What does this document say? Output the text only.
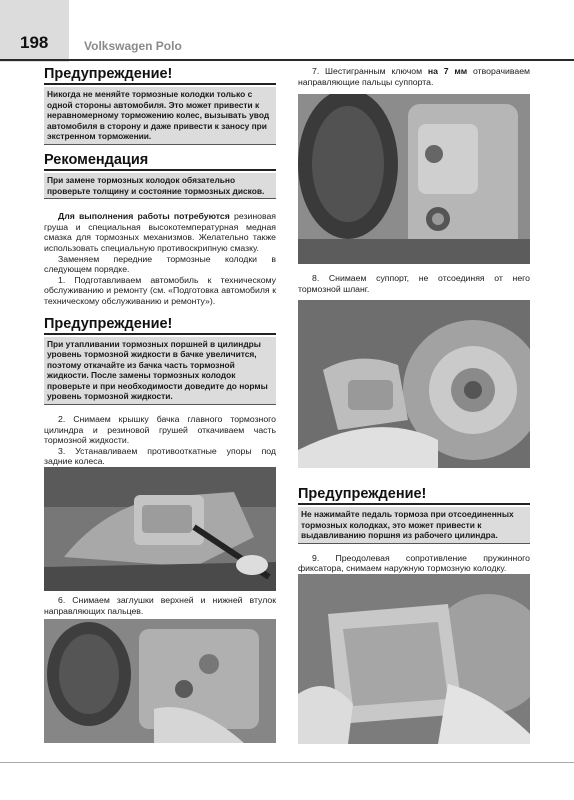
198	Volkswagen Polo
Предупреждение!
Никогда не меняйте тормозные колодки только с одной стороны автомобиля. Это может привести к неравномерному торможению колес, вызывать увод автомобиля в сторону и даже привести к заносу при экстренном торможении.
Рекомендация
При замене тормозных колодок обязательно проверьте толщину и состояние тормозных дисков.

Для выполнения работы потребуются резиновая груша и специальная высокотемпературная медная смазка для тормозных механизмов. Желательно также использовать специальную противоскрипную смазку.

Заменяем передние тормозные колодки в следующем порядке.

1. Подготавливаем автомобиль к техническому обслуживанию и ремонту (см. «Подготовка автомобиля к техническому обслуживанию и ремонту»).

Предупреждение!
При утапливании тормозных поршней в цилиндры уровень тормозной жидкости в бачке увеличится, поэтому откачайте из бачка часть тормозной жидкости. После замены тормозных колодок проверьте и при необходимости доведите до нормы уровень тормозной жидкости.

2. Снимаем крышку бачка главного тормозного цилиндра и резиновой грушей откачиваем часть тормозной жидкости.

3. Устанавливаем противооткатные упоры под задние колеса.

6. Снимаем заглушки верхней и нижней втулок направляющих пальцев.

7. Шестигранным ключом на 7 мм отворачиваем направляющие пальцы суппорта.

8. Снимаем суппорт, не отсоединяя от него тормозной шланг.

Предупреждение!
Не нажимайте педаль тормоза при отсоединенных тормозных колодках, это может привести к выдавливанию поршня из рабочего цилиндра.

9. Преодолевая сопротивление пружинного фиксатора, снимаем наружную тормозную колодку.
